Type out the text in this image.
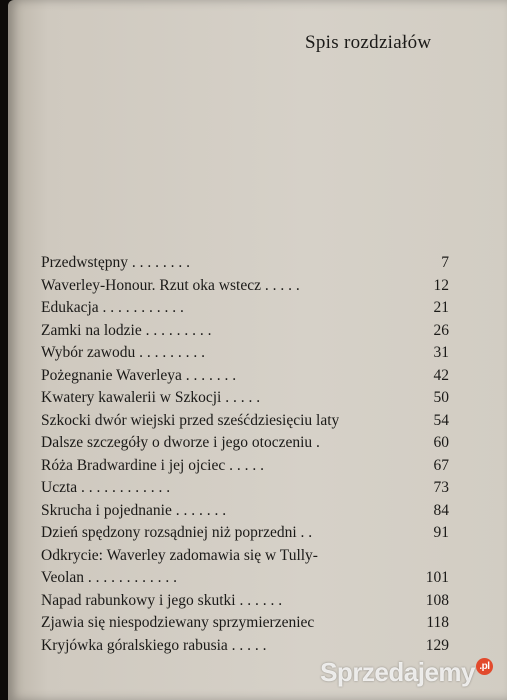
Spis rozdziałów
Przedwstępny . . . . . . . .	7
Waverley-Honour. Rzut oka wstecz . . . . .	12
Edukacja . . . . . . . . . . .	21
Zamki na lodzie . . . . . . . . .	26
Wybór zawodu . . . . . . . . .	31
Pożegnanie Waverleya . . . . . . .	42
Kwatery kawalerii w Szkocji . . . . .	50
Szkocki dwór wiejski przed sześćdziesięciu laty	54
Dalsze szczegóły o dworze i jego otoczeniu .	60
Róża Bradwardine i jej ojciec . . . . .	67
Uczta . . . . . . . . . . . .	73
Skrucha i pojednanie . . . . . . .	84
Dzień spędzony rozsądniej niż poprzedni . .	91
Odkrycie: Waverley zadomawia się w Tully-
Veolan . . . . . . . . . . . .	101
Napad rabunkowy i jego skutki . . . . . .	108
Zjawia się niespodziewany sprzymierzeniec	118
Kryjówka góralskiego rabusia . . . . .	129
Sprzedajemy .pl
